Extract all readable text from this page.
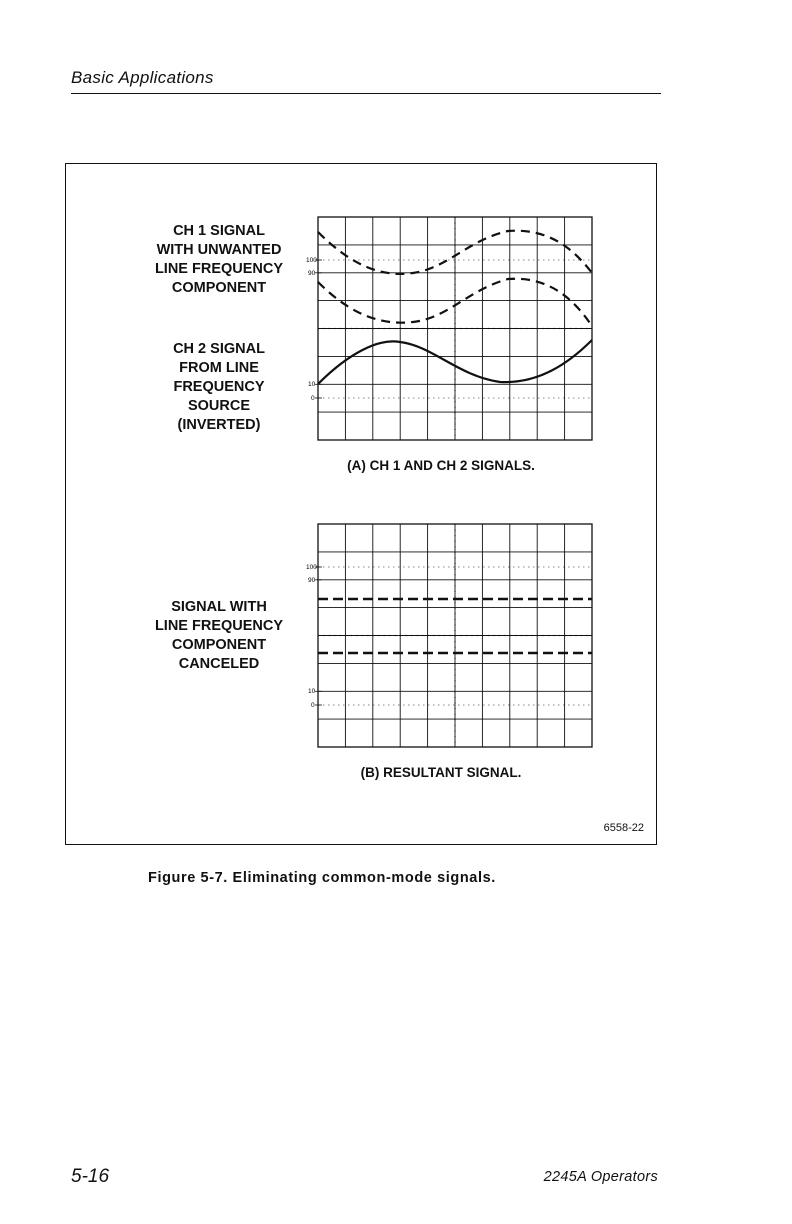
Basic Applications
CH 1 SIGNAL
WITH UNWANTED
LINE FREQUENCY
COMPONENT
CH 2 SIGNAL
FROM LINE
FREQUENCY
SOURCE
(INVERTED)
100
90
10
0
(A) CH 1 AND CH 2 SIGNALS.
SIGNAL WITH
LINE FREQUENCY
COMPONENT
CANCELED
100
90
10
0
(B) RESULTANT SIGNAL.
6558-22
Figure 5-7. Eliminating common-mode signals.
5-16	2245A Operators
